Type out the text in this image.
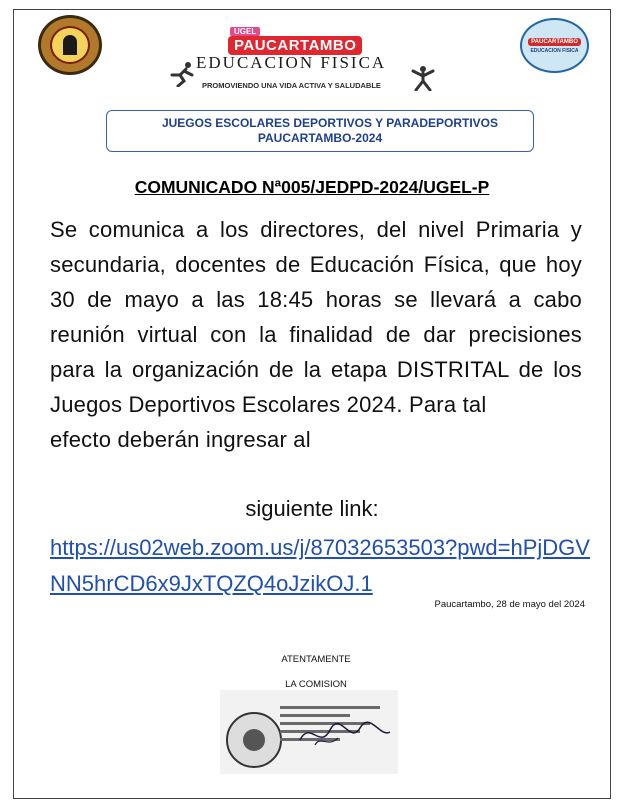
UGEL
PAUCARTAMBO
EDUCACION FISICA
PROMOVIENDO UNA VIDA ACTIVA Y SALUDABLE
PAUCARTAMBO
EDUCACION FISICA
JUEGOS ESCOLARES DEPORTIVOS Y PARADEPORTIVOS
PAUCARTAMBO-2024
COMUNICADO Nª005/JEDPD-2024/UGEL-P
Se comunica a los directores, del nivel Primaria y secundaria, docentes de Educación Física, que hoy 30 de mayo a las 18:45 horas se llevará a cabo reunión virtual con la finalidad de dar precisiones para la organización de la etapa DISTRITAL de los Juegos Deportivos Escolares 2024. Para tal
efecto deberán ingresar al
siguiente link:
https://us02web.zoom.us/j/87032653503?pwd=hPjDGVNN5hrCD6x9JxTQZQ4oJzikOJ.1
Paucartambo, 28 de mayo del 2024
ATENTAMENTE
LA COMISION
